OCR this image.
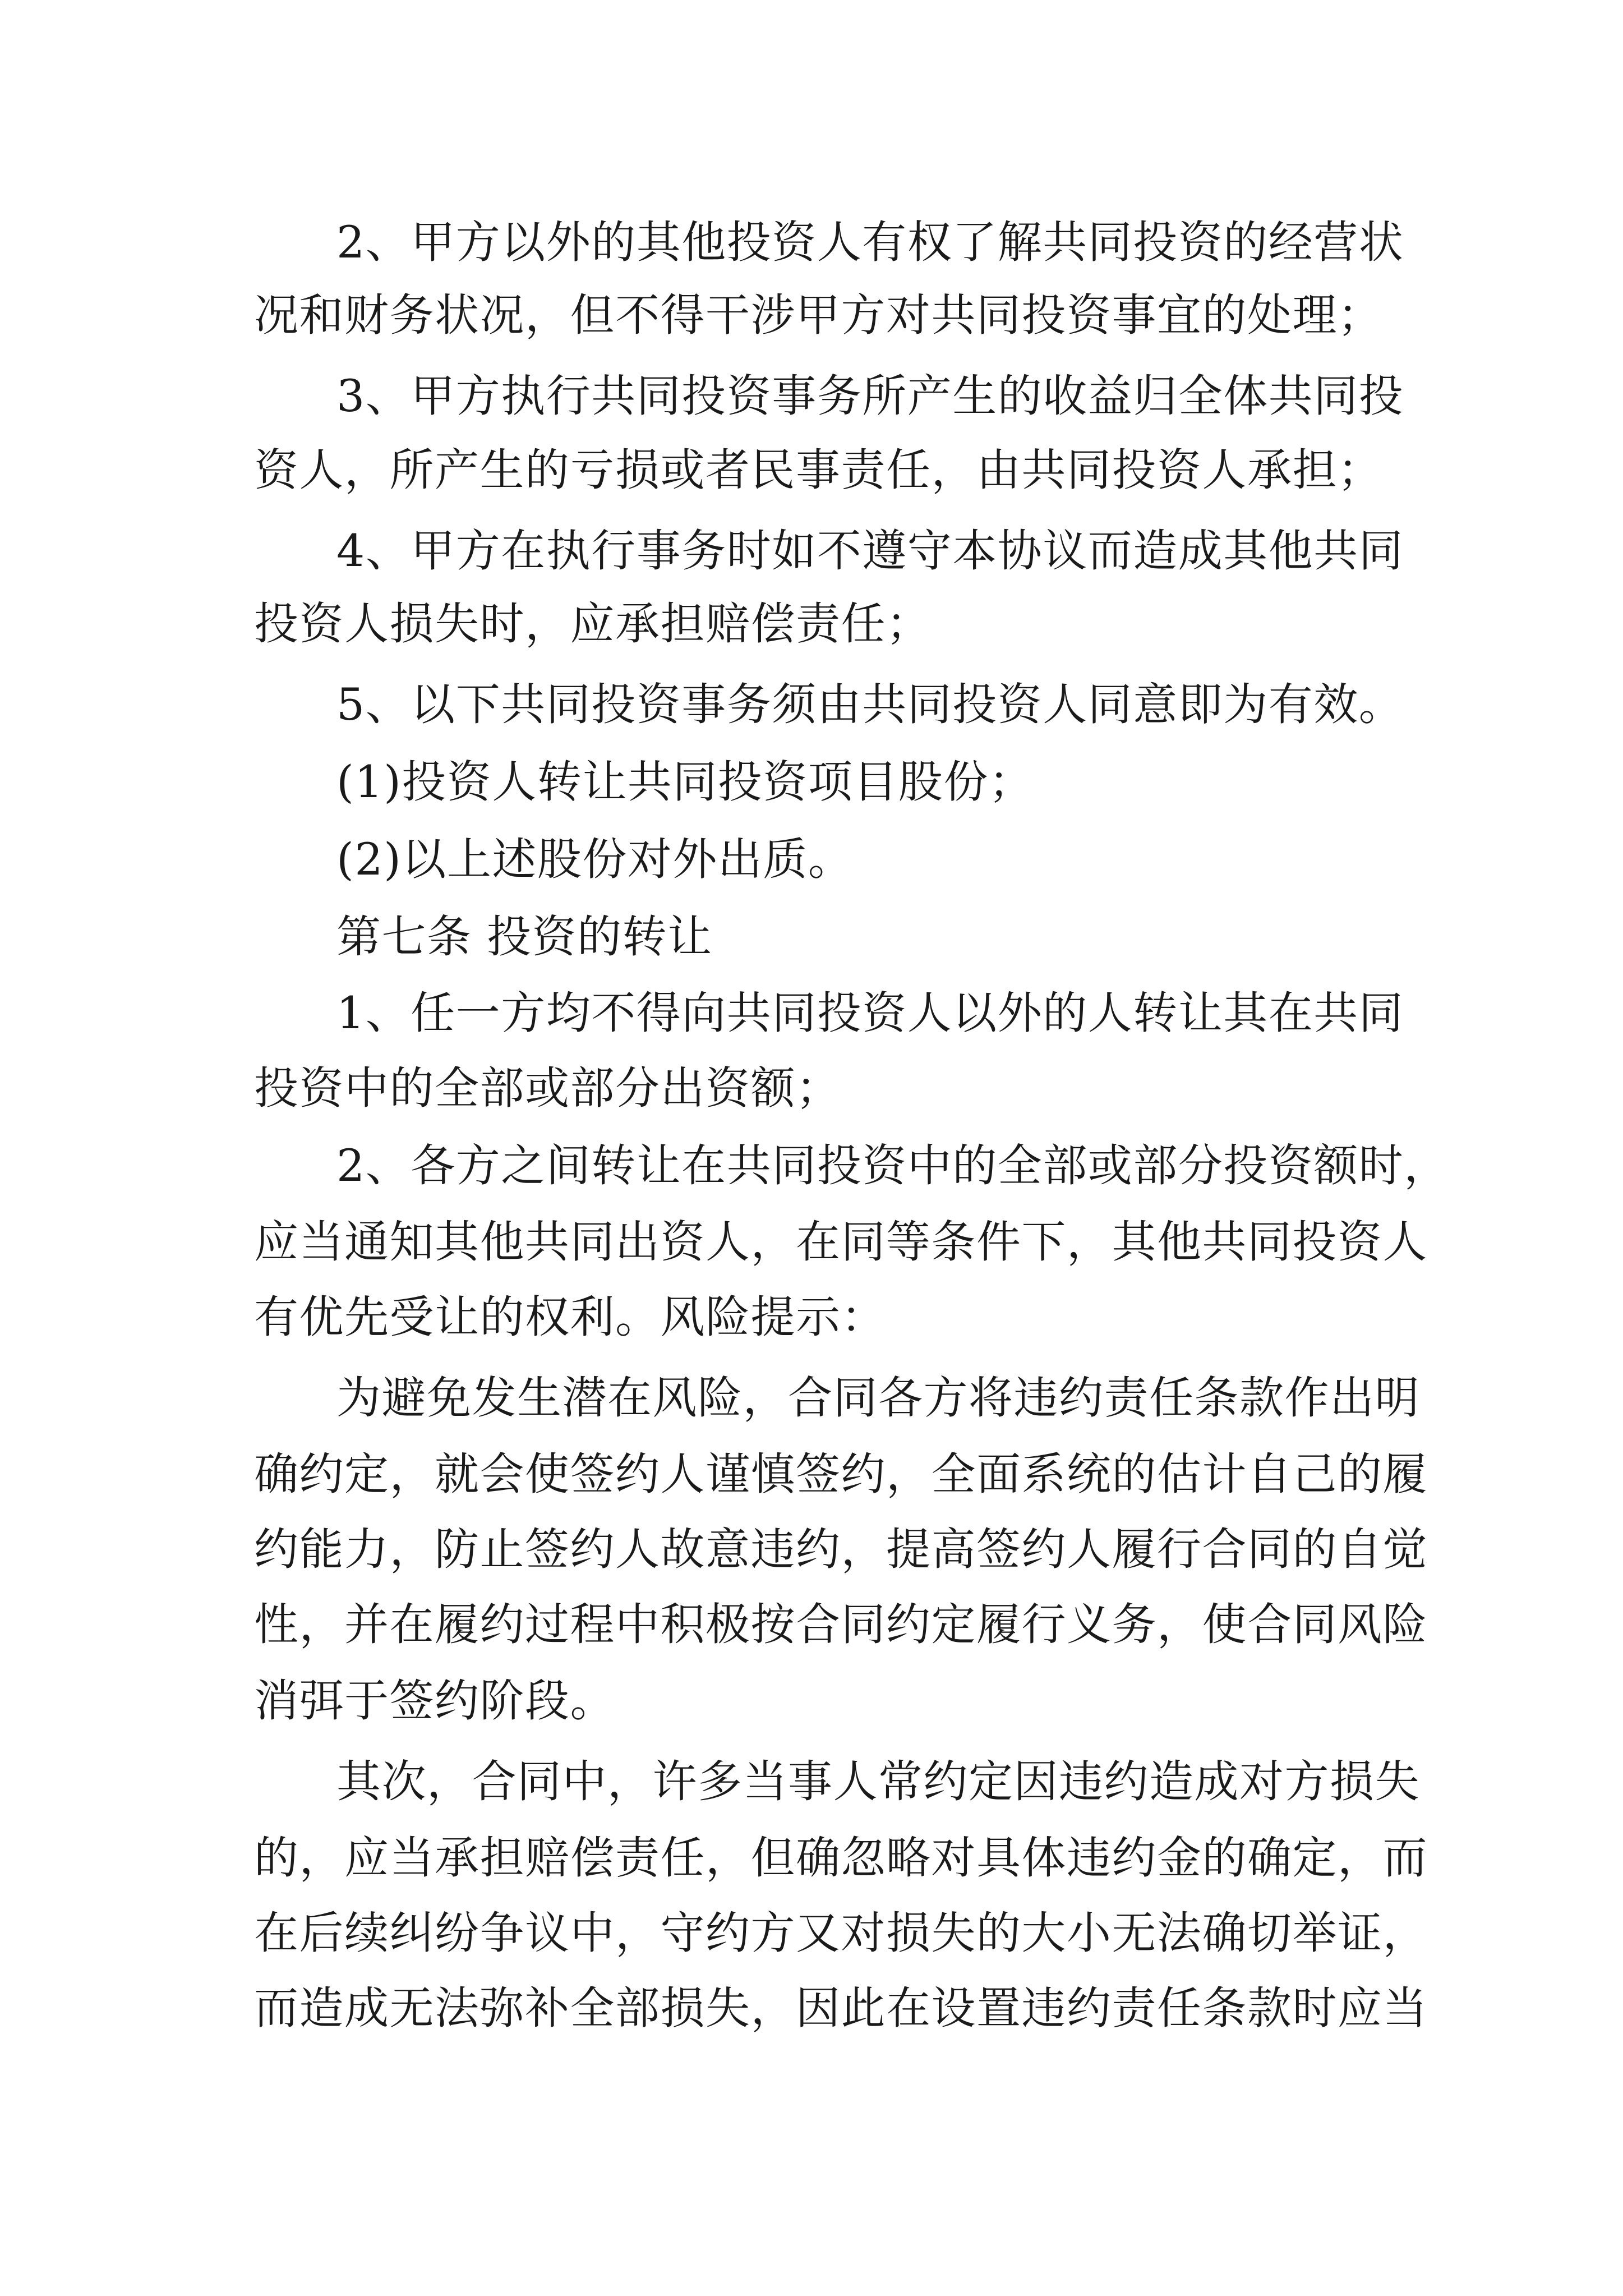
2、甲方以外的其他投资人有权了解共同投资的经营状
况和财务状况，但不得干涉甲方对共同投资事宜的处理；
3、甲方执行共同投资事务所产生的收益归全体共同投
资人，所产生的亏损或者民事责任，由共同投资人承担；
4、甲方在执行事务时如不遵守本协议而造成其他共同
投资人损失时，应承担赔偿责任；
5、以下共同投资事务须由共同投资人同意即为有效。
(1)投资人转让共同投资项目股份；
(2)以上述股份对外出质。
第七条 投资的转让
1、任一方均不得向共同投资人以外的人转让其在共同
投资中的全部或部分出资额；
2、各方之间转让在共同投资中的全部或部分投资额时，
应当通知其他共同出资人，在同等条件下，其他共同投资人
有优先受让的权利。风险提示：
为避免发生潜在风险，合同各方将违约责任条款作出明
确约定，就会使签约人谨慎签约，全面系统的估计自己的履
约能力，防止签约人故意违约，提高签约人履行合同的自觉
性，并在履约过程中积极按合同约定履行义务，使合同风险
消弭于签约阶段。
其次，合同中，许多当事人常约定因违约造成对方损失
的，应当承担赔偿责任，但确忽略对具体违约金的确定，而
在后续纠纷争议中，守约方又对损失的大小无法确切举证，
而造成无法弥补全部损失，因此在设置违约责任条款时应当
